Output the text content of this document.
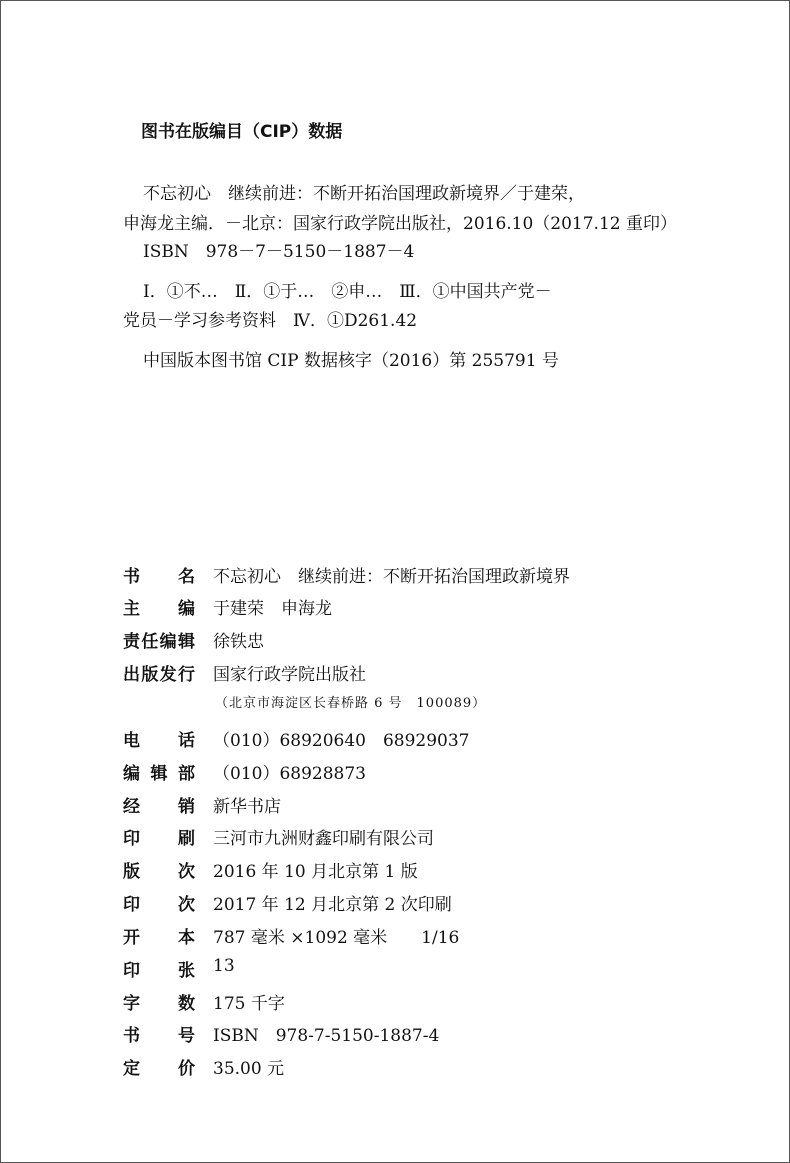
图书在版编目（CIP）数据
不忘初心　继续前进：不断开拓治国理政新境界／于建荣，
申海龙主编．－北京：国家行政学院出版社，2016.10（2017.12 重印）
ISBN　978－7－5150－1887－4
Ⅰ．①不…　Ⅱ．①于…　②申…　Ⅲ．①中国共产党－
党员－学习参考资料　Ⅳ．①D261.42
中国版本图书馆 CIP 数据核字（2016）第 255791 号
书 名 不忘初心　继续前进：不断开拓治国理政新境界
主 编 于建荣　申海龙
责 任 编 辑 徐铁忠
出 版 发 行 国家行政学院出版社
（北京市海淀区长春桥路 6 号　100089）
电 话 （010）68920640　68929037
编 辑 部 （010）68928873
经 销 新华书店
印 刷 三河市九洲财鑫印刷有限公司
版 次 2016 年 10 月北京第 1 版
印 次 2017 年 12 月北京第 2 次印刷
开 本 787 毫米 ×1092 毫米　　1/16
印 张 13
字 数 175 千字
书 号 ISBN　978-7-5150-1887-4
定 价 35.00 元
